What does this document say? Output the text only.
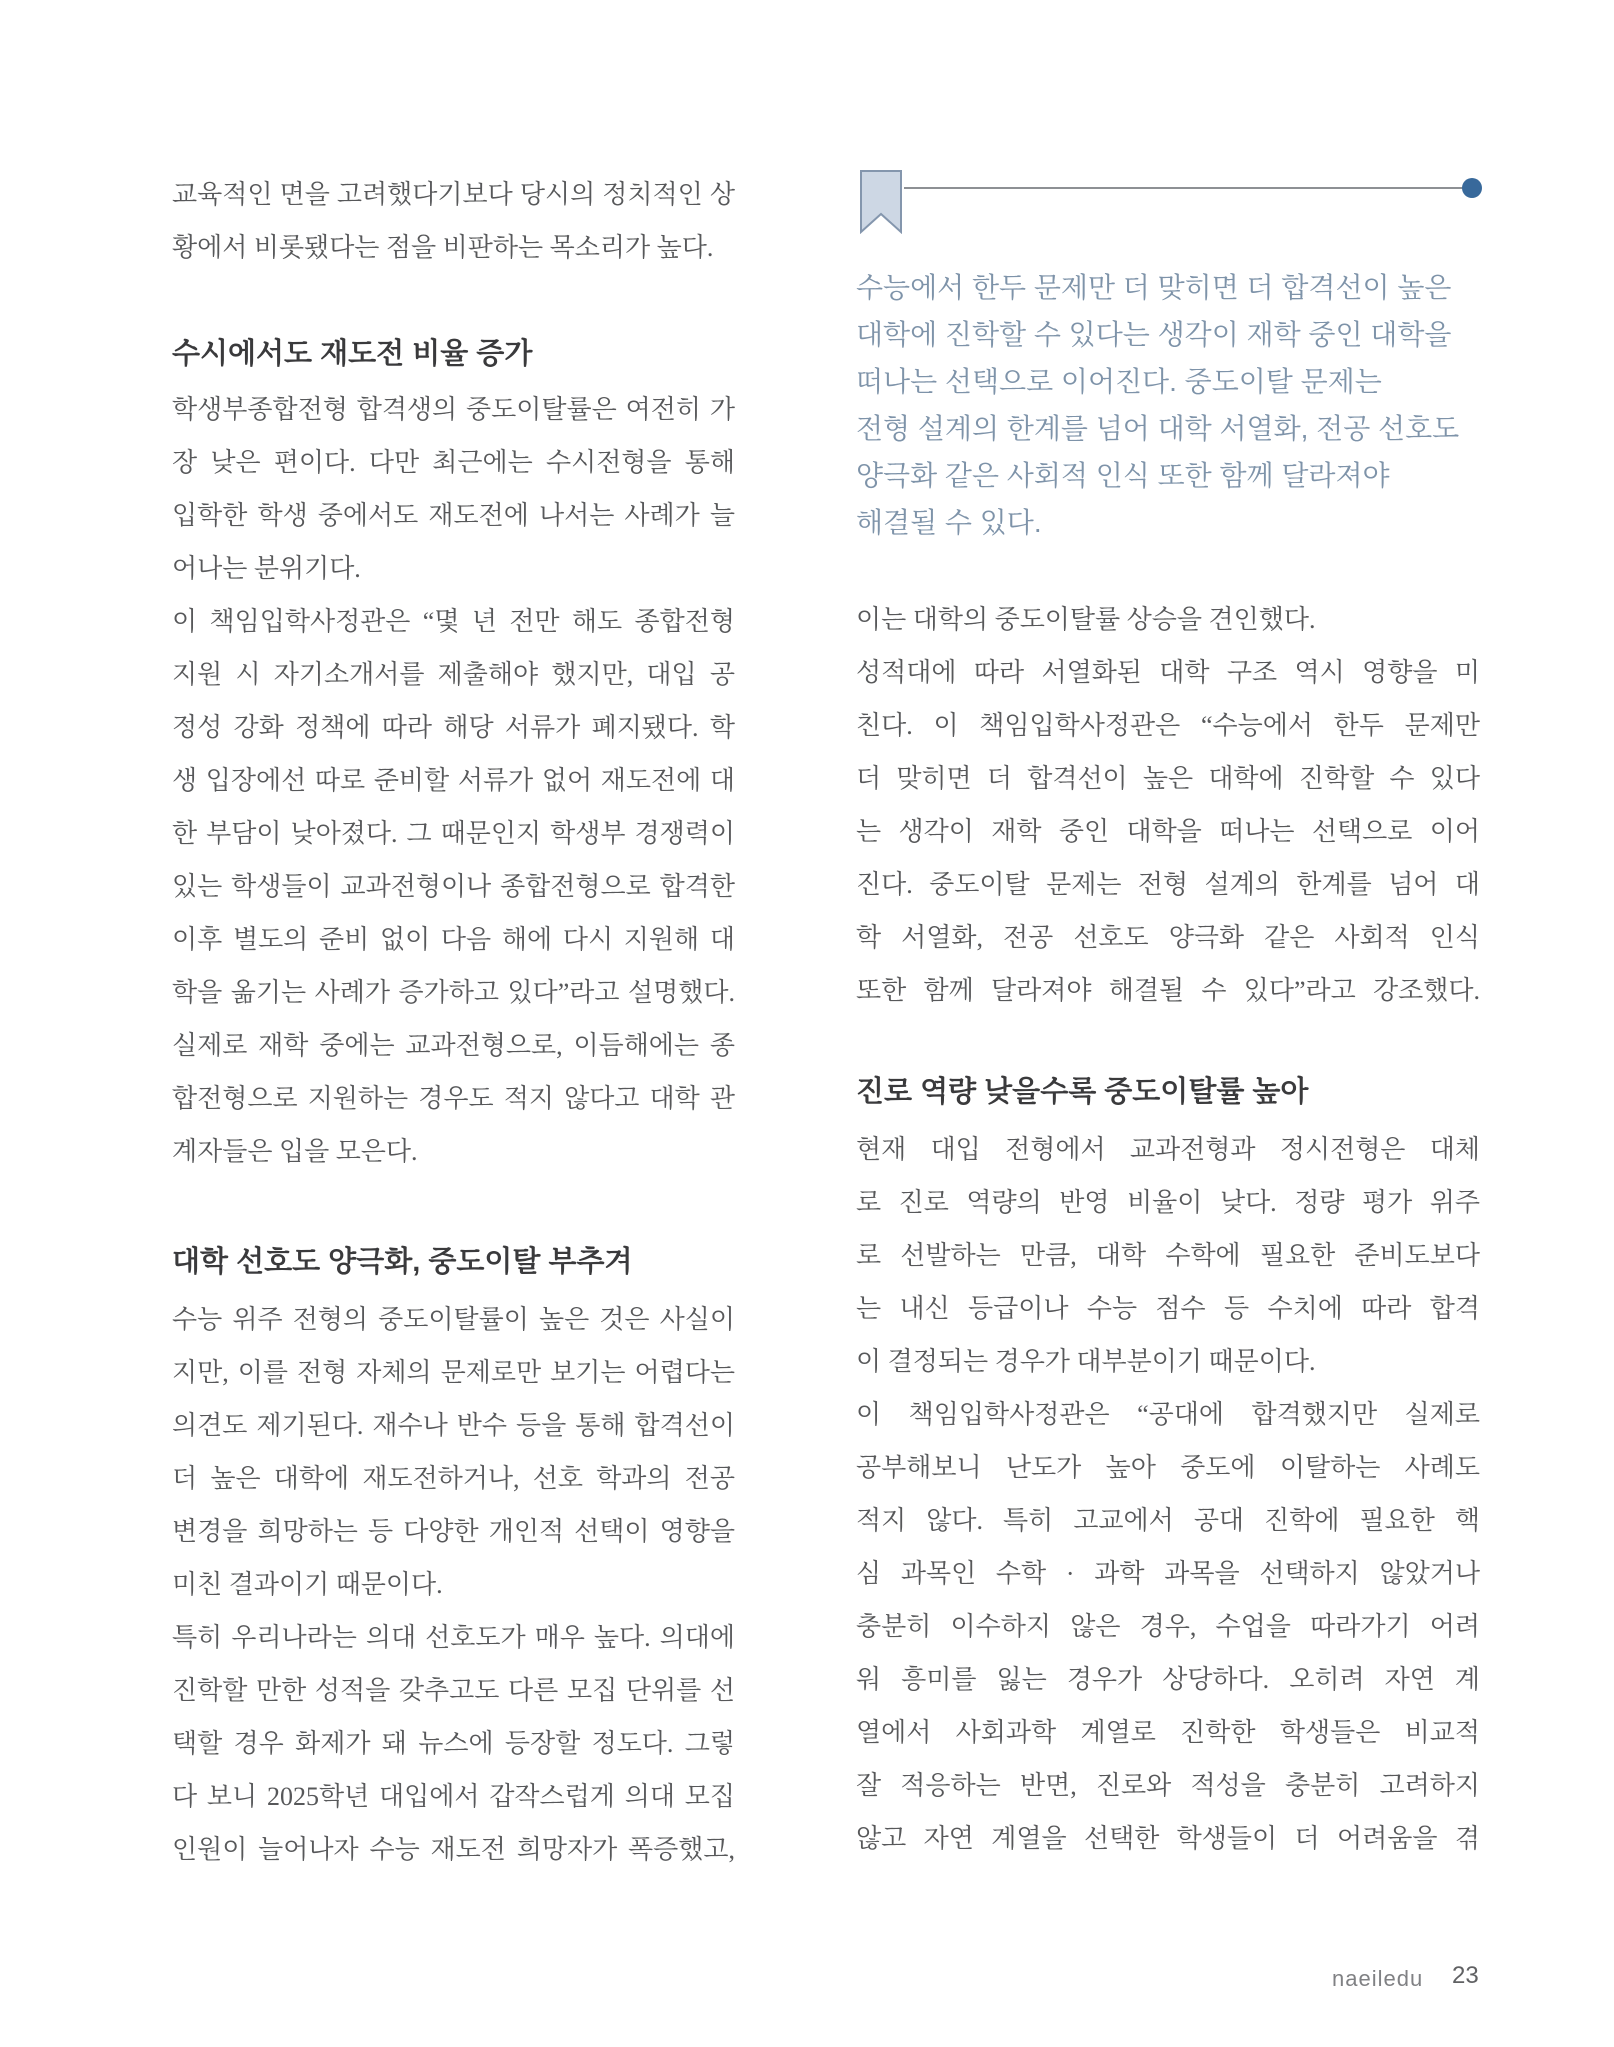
교육적인 면을 고려했다기보다 당시의 정치적인 상
황에서 비롯됐다는 점을 비판하는 목소리가 높다.
수시에서도 재도전 비율 증가
학생부종합전형 합격생의 중도이탈률은 여전히 가
장 낮은 편이다. 다만 최근에는 수시전형을 통해
입학한 학생 중에서도 재도전에 나서는 사례가 늘
어나는 분위기다.
이 책임입학사정관은 “몇 년 전만 해도 종합전형
지원 시 자기소개서를 제출해야 했지만, 대입 공
정성 강화 정책에 따라 해당 서류가 폐지됐다. 학
생 입장에선 따로 준비할 서류가 없어 재도전에 대
한 부담이 낮아졌다. 그 때문인지 학생부 경쟁력이
있는 학생들이 교과전형이나 종합전형으로 합격한
이후 별도의 준비 없이 다음 해에 다시 지원해 대
학을 옮기는 사례가 증가하고 있다”라고 설명했다.
실제로 재학 중에는 교과전형으로, 이듬해에는 종
합전형으로 지원하는 경우도 적지 않다고 대학 관
계자들은 입을 모은다.
대학 선호도 양극화, 중도이탈 부추겨
수능 위주 전형의 중도이탈률이 높은 것은 사실이
지만, 이를 전형 자체의 문제로만 보기는 어렵다는
의견도 제기된다. 재수나 반수 등을 통해 합격선이
더 높은 대학에 재도전하거나, 선호 학과의 전공
변경을 희망하는 등 다양한 개인적 선택이 영향을
미친 결과이기 때문이다.
특히 우리나라는 의대 선호도가 매우 높다. 의대에
진학할 만한 성적을 갖추고도 다른 모집 단위를 선
택할 경우 화제가 돼 뉴스에 등장할 정도다. 그렇
다 보니 2025학년 대입에서 갑작스럽게 의대 모집
인원이 늘어나자 수능 재도전 희망자가 폭증했고,
수능에서 한두 문제만 더 맞히면 더 합격선이 높은
대학에 진학할 수 있다는 생각이 재학 중인 대학을
떠나는 선택으로 이어진다. 중도이탈 문제는
전형 설계의 한계를 넘어 대학 서열화, 전공 선호도
양극화 같은 사회적 인식 또한 함께 달라져야
해결될 수 있다.
이는 대학의 중도이탈률 상승을 견인했다.
성적대에 따라 서열화된 대학 구조 역시 영향을 미
친다. 이 책임입학사정관은 “수능에서 한두 문제만
더 맞히면 더 합격선이 높은 대학에 진학할 수 있다
는 생각이 재학 중인 대학을 떠나는 선택으로 이어
진다. 중도이탈 문제는 전형 설계의 한계를 넘어 대
학 서열화, 전공 선호도 양극화 같은 사회적 인식
또한 함께 달라져야 해결될 수 있다”라고 강조했다.
진로 역량 낮을수록 중도이탈률 높아
현재 대입 전형에서 교과전형과 정시전형은 대체
로 진로 역량의 반영 비율이 낮다. 정량 평가 위주
로 선발하는 만큼, 대학 수학에 필요한 준비도보다
는 내신 등급이나 수능 점수 등 수치에 따라 합격
이 결정되는 경우가 대부분이기 때문이다.
이 책임입학사정관은 “공대에 합격했지만 실제로
공부해보니 난도가 높아 중도에 이탈하는 사례도
적지 않다. 특히 고교에서 공대 진학에 필요한 핵
심 과목인 수학 · 과학 과목을 선택하지 않았거나
충분히 이수하지 않은 경우, 수업을 따라가기 어려
워 흥미를 잃는 경우가 상당하다. 오히려 자연 계
열에서 사회과학 계열로 진학한 학생들은 비교적
잘 적응하는 반면, 진로와 적성을 충분히 고려하지
않고 자연 계열을 선택한 학생들이 더 어려움을 겪
naeiledu 23
